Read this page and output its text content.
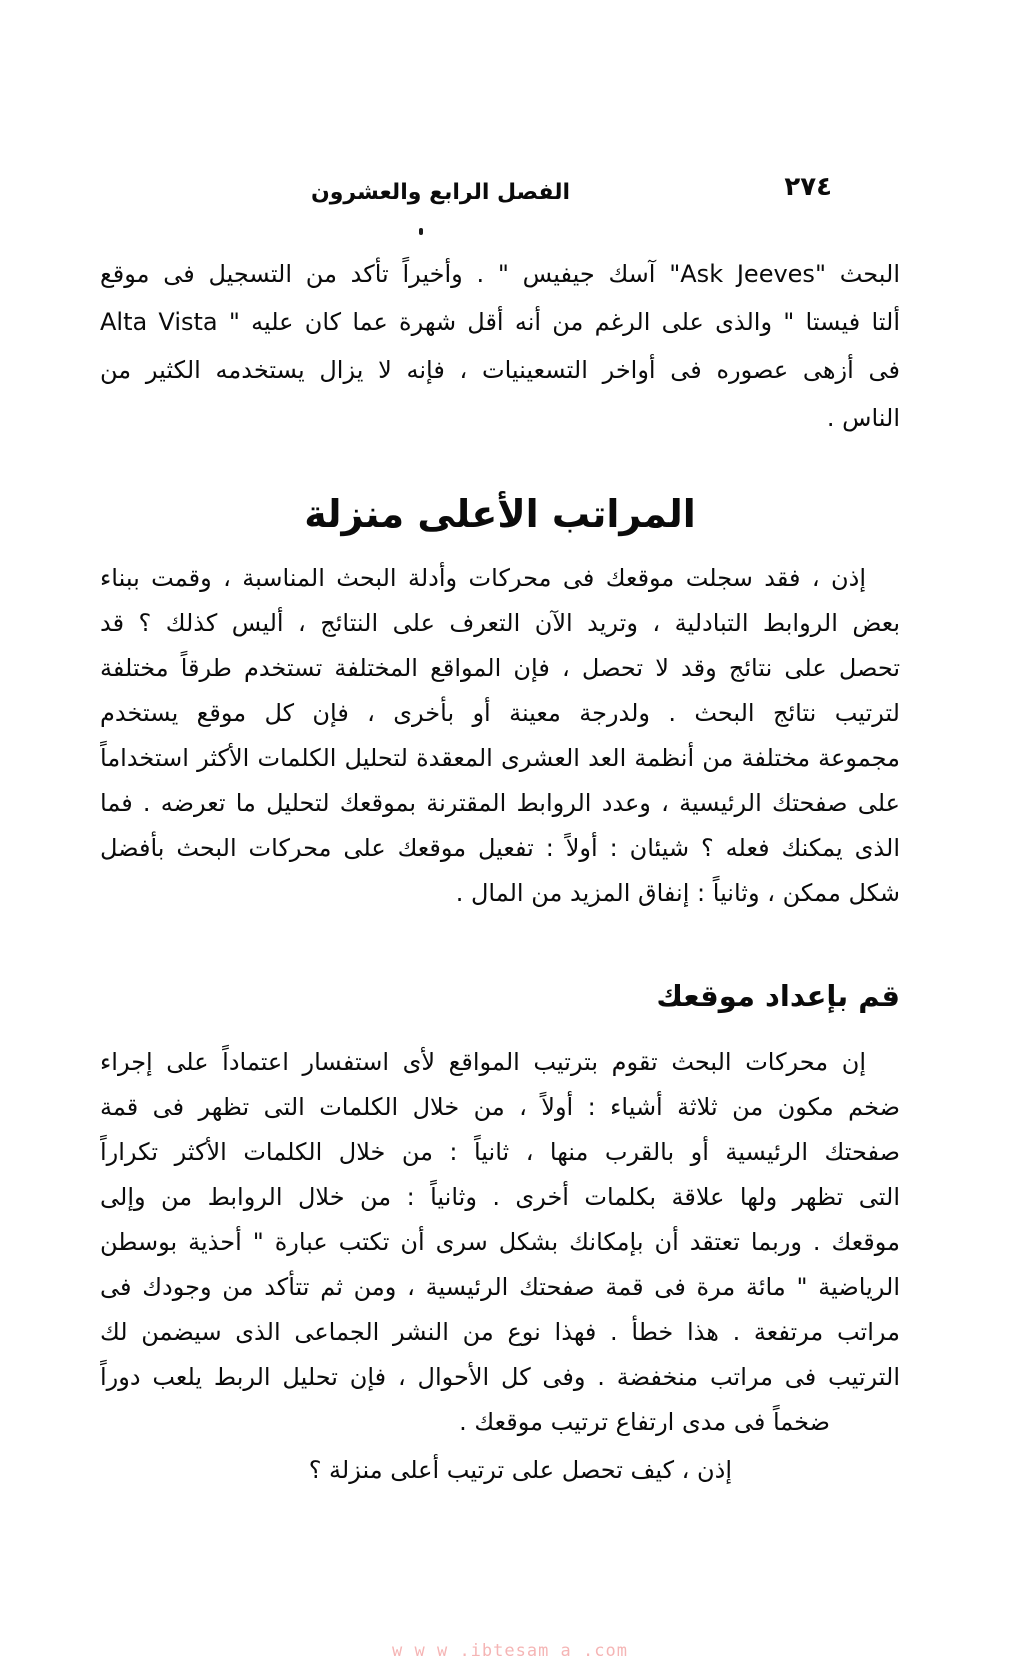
الفصل الرابع والعشرون	٢٧٤
البحث "Ask Jeeves" آسك جيفيس " . وأخيراً تأكد من التسجيل فى موقع
Alta Vista " ألتا فيستا " والذى على الرغم من أنه أقل شهرة عما كان عليه
فى أزهى عصوره فى أواخر التسعينيات ، فإنه لا يزال يستخدمه الكثير من
الناس .
المراتب الأعلى منزلة
إذن ، فقد سجلت موقعك فى محركات وأدلة البحث المناسبة ، وقمت ببناء
بعض الروابط التبادلية ، وتريد الآن التعرف على النتائج ، أليس كذلك ؟ قد
تحصل على نتائج وقد لا تحصل ، فإن المواقع المختلفة تستخدم طرقاً مختلفة
لترتيب نتائج البحث . ولدرجة معينة أو بأخرى ، فإن كل موقع يستخدم
مجموعة مختلفة من أنظمة العد العشرى المعقدة لتحليل الكلمات الأكثر استخداماً
على صفحتك الرئيسية ، وعدد الروابط المقترنة بموقعك لتحليل ما تعرضه . فما
الذى يمكنك فعله ؟ شيئان : أولاً : تفعيل موقعك على محركات البحث بأفضل
شكل ممكن ، وثانياً : إنفاق المزيد من المال .
قم بإعداد موقعك
إن محركات البحث تقوم بترتيب المواقع لأى استفسار اعتماداً على إجراء
ضخم مكون من ثلاثة أشياء : أولاً ، من خلال الكلمات التى تظهر فى قمة
صفحتك الرئيسية أو بالقرب منها ، ثانياً : من خلال الكلمات الأكثر تكراراً
التى تظهر ولها علاقة بكلمات أخرى . وثانياً : من خلال الروابط من وإلى
موقعك . وربما تعتقد أن بإمكانك بشكل سرى أن تكتب عبارة " أحذية بوسطن
الرياضية " مائة مرة فى قمة صفحتك الرئيسية ، ومن ثم تتأكد من وجودك فى
مراتب مرتفعة . هذا خطأ . فهذا نوع من النشر الجماعى الذى سيضمن لك
الترتيب فى مراتب منخفضة . وفى كل الأحوال ، فإن تحليل الربط يلعب دوراً
ضخماً فى مدى ارتفاع ترتيب موقعك .
إذن ، كيف تحصل على ترتيب أعلى منزلة ؟
w w w .ibtesam a .com
